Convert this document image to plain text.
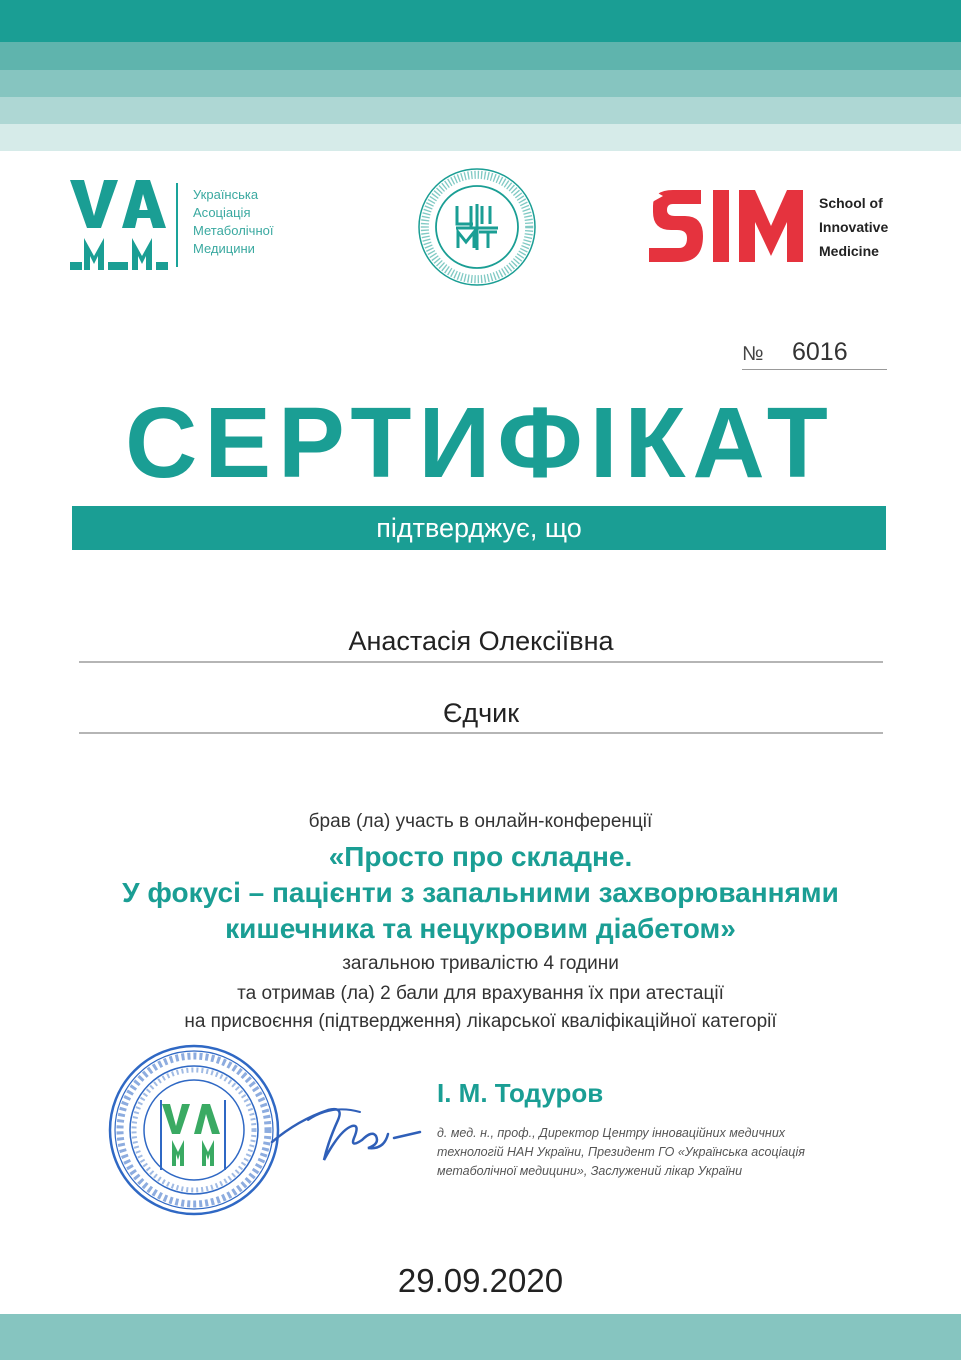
Українська
Асоціація
Метаболічної
Медицини
School of
Innovative
Medicine
№ 6016
СЕРТИФІКАТ
підтверджує, що
Анастасія Олексіївна
Єдчик
брав (ла) участь в онлайн-конференції
«Просто про складне.
У фокусі – пацієнти з запальними захворюваннями
кишечника та нецукровим діабетом»
загальною тривалістю 4 години
та отримав (ла) 2 бали для врахування їх при атестації
на присвоєння (підтвердження) лікарської кваліфікаційної категорії
І. М. Тодуров
д. мед. н., проф., Директор Центру інноваційних медичних
технологій НАН України, Президент ГО «Українська асоціація
метаболічної медицини», Заслужений лікар України
29.09.2020
